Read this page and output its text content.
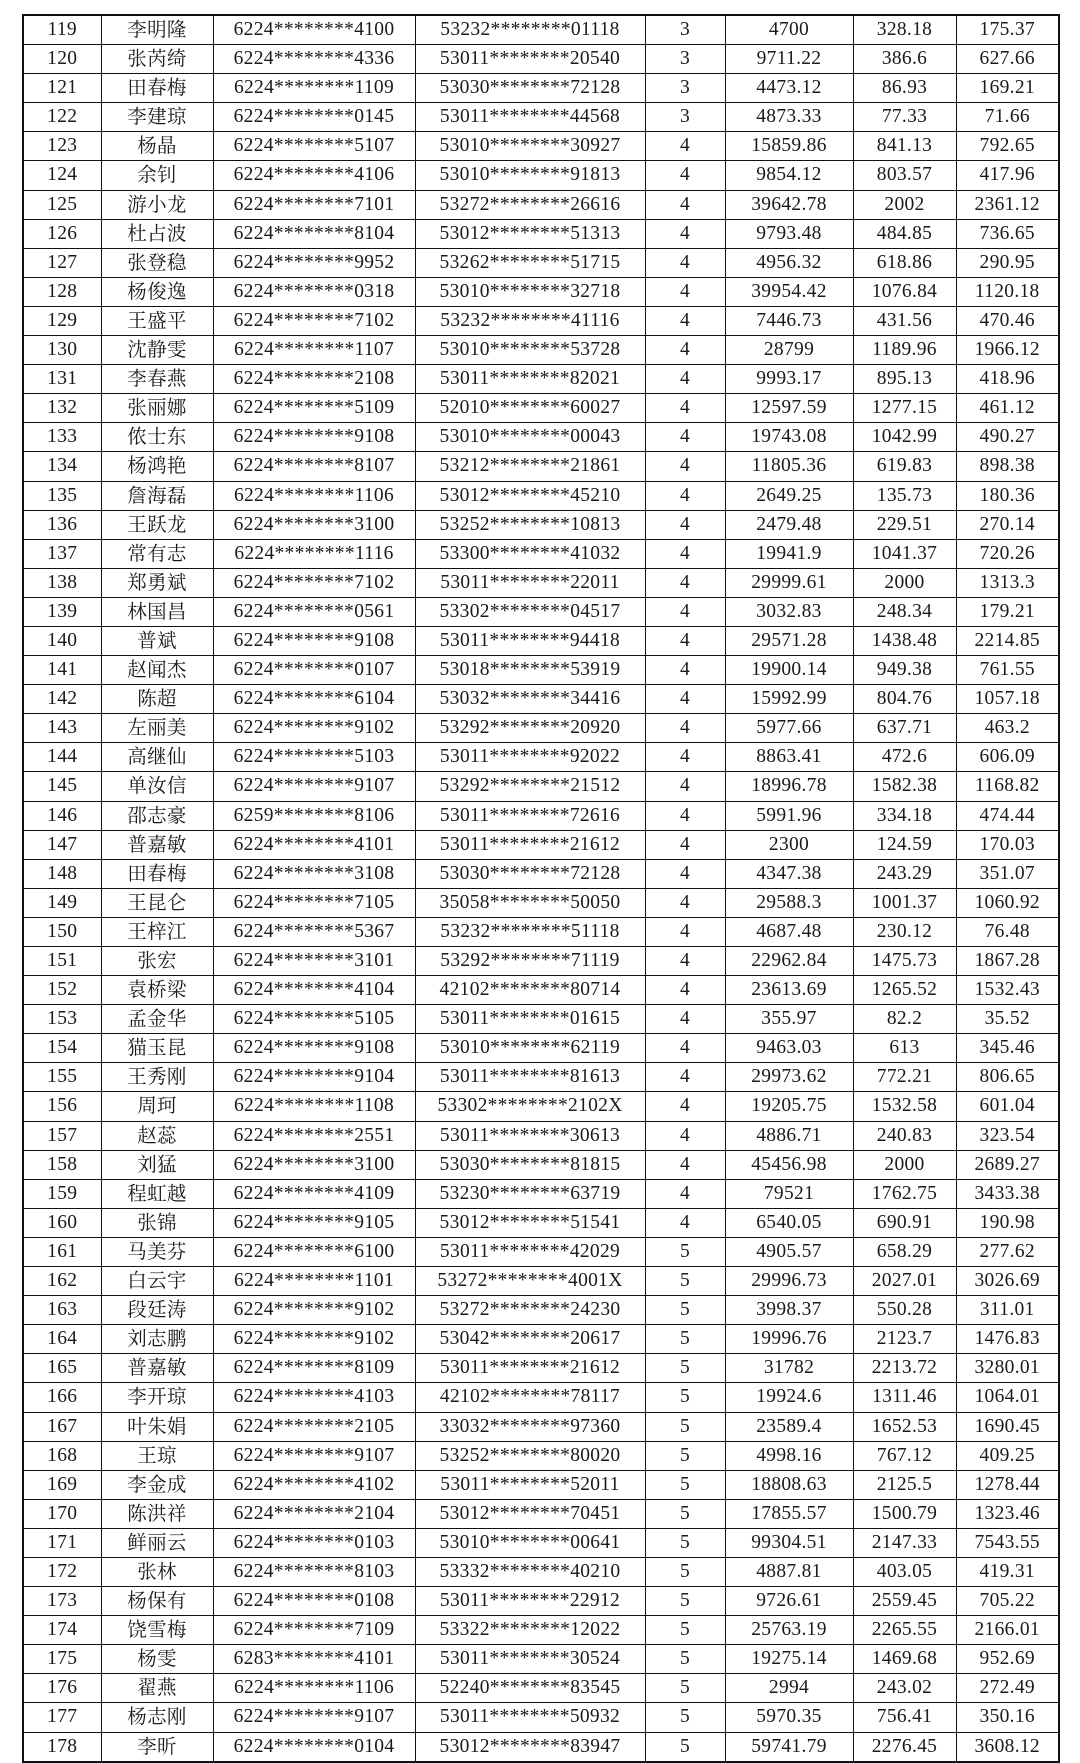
119	李明隆	6224********4100	53232********01118	3	4700	328.18	175.37
120	张芮绮	6224********4336	53011********20540	3	9711.22	386.6	627.66
121	田春梅	6224********1109	53030********72128	3	4473.12	86.93	169.21
122	李建琼	6224********0145	53011********44568	3	4873.33	77.33	71.66
123	杨晶	6224********5107	53010********30927	4	15859.86	841.13	792.65
124	余钊	6224********4106	53010********91813	4	9854.12	803.57	417.96
125	游小龙	6224********7101	53272********26616	4	39642.78	2002	2361.12
126	杜占波	6224********8104	53012********51313	4	9793.48	484.85	736.65
127	张登稳	6224********9952	53262********51715	4	4956.32	618.86	290.95
128	杨俊逸	6224********0318	53010********32718	4	39954.42	1076.84	1120.18
129	王盛平	6224********7102	53232********41116	4	7446.73	431.56	470.46
130	沈静雯	6224********1107	53010********53728	4	28799	1189.96	1966.12
131	李春燕	6224********2108	53011********82021	4	9993.17	895.13	418.96
132	张丽娜	6224********5109	52010********60027	4	12597.59	1277.15	461.12
133	侬士东	6224********9108	53010********00043	4	19743.08	1042.99	490.27
134	杨鸿艳	6224********8107	53212********21861	4	11805.36	619.83	898.38
135	詹海磊	6224********1106	53012********45210	4	2649.25	135.73	180.36
136	王跃龙	6224********3100	53252********10813	4	2479.48	229.51	270.14
137	常有志	6224********1116	53300********41032	4	19941.9	1041.37	720.26
138	郑勇斌	6224********7102	53011********22011	4	29999.61	2000	1313.3
139	林国昌	6224********0561	53302********04517	4	3032.83	248.34	179.21
140	普斌	6224********9108	53011********94418	4	29571.28	1438.48	2214.85
141	赵闻杰	6224********0107	53018********53919	4	19900.14	949.38	761.55
142	陈超	6224********6104	53032********34416	4	15992.99	804.76	1057.18
143	左丽美	6224********9102	53292********20920	4	5977.66	637.71	463.2
144	高继仙	6224********5103	53011********92022	4	8863.41	472.6	606.09
145	单汝信	6224********9107	53292********21512	4	18996.78	1582.38	1168.82
146	邵志豪	6259********8106	53011********72616	4	5991.96	334.18	474.44
147	普嘉敏	6224********4101	53011********21612	4	2300	124.59	170.03
148	田春梅	6224********3108	53030********72128	4	4347.38	243.29	351.07
149	王昆仑	6224********7105	35058********50050	4	29588.3	1001.37	1060.92
150	王梓江	6224********5367	53232********51118	4	4687.48	230.12	76.48
151	张宏	6224********3101	53292********71119	4	22962.84	1475.73	1867.28
152	袁桥梁	6224********4104	42102********80714	4	23613.69	1265.52	1532.43
153	孟金华	6224********5105	53011********01615	4	355.97	82.2	35.52
154	猫玉昆	6224********9108	53010********62119	4	9463.03	613	345.46
155	王秀刚	6224********9104	53011********81613	4	29973.62	772.21	806.65
156	周珂	6224********1108	53302********2102X	4	19205.75	1532.58	601.04
157	赵蕊	6224********2551	53011********30613	4	4886.71	240.83	323.54
158	刘猛	6224********3100	53030********81815	4	45456.98	2000	2689.27
159	程虹越	6224********4109	53230********63719	4	79521	1762.75	3433.38
160	张锦	6224********9105	53012********51541	4	6540.05	690.91	190.98
161	马美芬	6224********6100	53011********42029	5	4905.57	658.29	277.62
162	白云宇	6224********1101	53272********4001X	5	29996.73	2027.01	3026.69
163	段廷涛	6224********9102	53272********24230	5	3998.37	550.28	311.01
164	刘志鹏	6224********9102	53042********20617	5	19996.76	2123.7	1476.83
165	普嘉敏	6224********8109	53011********21612	5	31782	2213.72	3280.01
166	李开琼	6224********4103	42102********78117	5	19924.6	1311.46	1064.01
167	叶朱娟	6224********2105	33032********97360	5	23589.4	1652.53	1690.45
168	王琼	6224********9107	53252********80020	5	4998.16	767.12	409.25
169	李金成	6224********4102	53011********52011	5	18808.63	2125.5	1278.44
170	陈洪祥	6224********2104	53012********70451	5	17855.57	1500.79	1323.46
171	鲜丽云	6224********0103	53010********00641	5	99304.51	2147.33	7543.55
172	张林	6224********8103	53332********40210	5	4887.81	403.05	419.31
173	杨保有	6224********0108	53011********22912	5	9726.61	2559.45	705.22
174	饶雪梅	6224********7109	53322********12022	5	25763.19	2265.55	2166.01
175	杨雯	6283********4101	53011********30524	5	19275.14	1469.68	952.69
176	翟燕	6224********1106	52240********83545	5	2994	243.02	272.49
177	杨志刚	6224********9107	53011********50932	5	5970.35	756.41	350.16
178	李昕	6224********0104	53012********83947	5	59741.79	2276.45	3608.12
